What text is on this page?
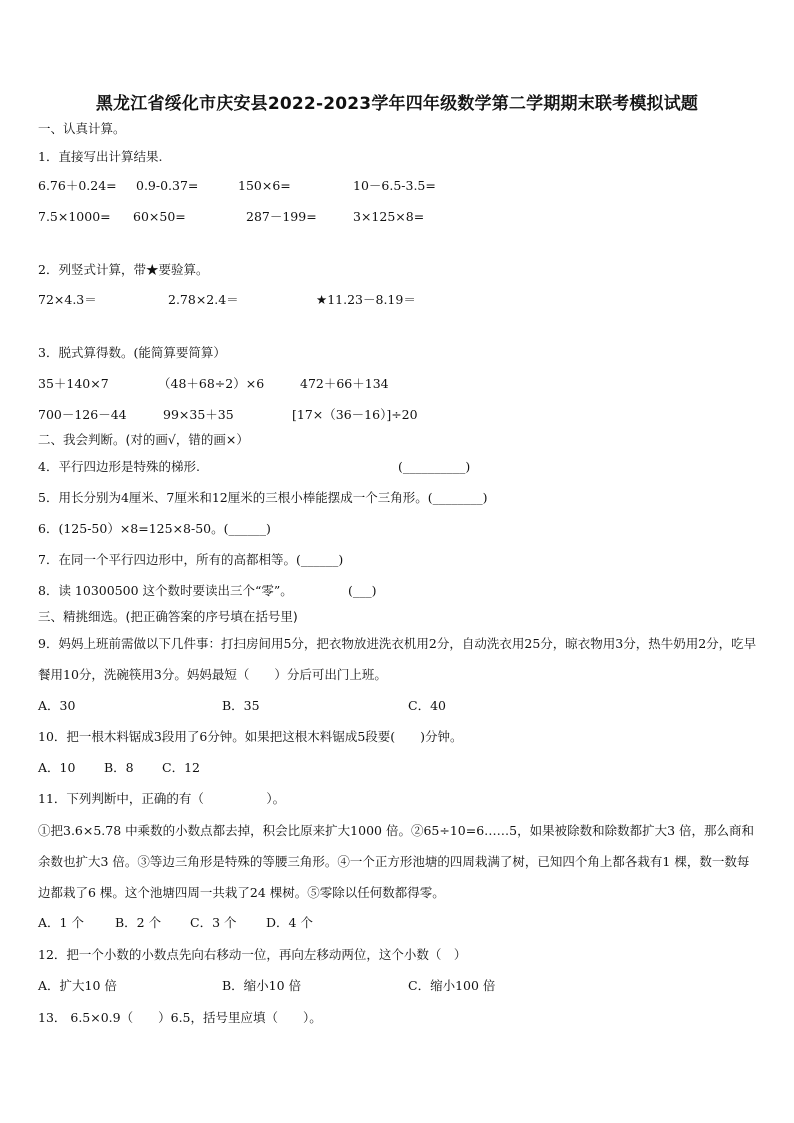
黑龙江省绥化市庆安县2022-2023学年四年级数学第二学期期末联考模拟试题
一、认真计算。
1．直接写出计算结果.
6.76＋0.24= 0.9-0.37=	150×6=	10－6.5-3.5=
7.5×1000= 60×50=	287－199=	3×125×8=
2．列竖式计算，带★要验算。
72×4.3＝	2.78×2.4＝	★11.23－8.19＝
3．脱式算得数。(能简算要简算）
35＋140×7	（48＋68÷2）×6	472＋66＋134
700－126－44	99×35＋35	[17×（36－16）]÷20
二、我会判断。(对的画√，错的画×）
4．平行四边形是特殊的梯形.	(__________)
5．用长分别为4厘米、7厘米和12厘米的三根小棒能摆成一个三角形。(________)
6．(125-50）×8=125×8-50。(______)
7．在同一个平行四边形中，所有的高都相等。(______)
8．读 10300500 这个数时要读出三个“零”。	(___)
三、精挑细选。(把正确答案的序号填在括号里)
9．妈妈上班前需做以下几件事：打扫房间用5分，把衣物放进洗衣机用2分，自动洗衣用25分，晾衣物用3分，热牛奶用2分，吃早餐用10分，洗碗筷用3分。妈妈最短（　　）分后可出门上班。
A．30	B．35	C．40
10．把一根木料锯成3段用了6分钟。如果把这根木料锯成5段要(　　)分钟。
A．10 B．8 C．12
11．下列判断中，正确的有（　　　　　）。
①把3.6×5.78 中乘数的小数点都去掉，积会比原来扩大1000 倍。②65÷10=6……5，如果被除数和除数都扩大3 倍，那么商和余数也扩大3 倍。③等边三角形是特殊的等腰三角形。④一个正方形池塘的四周栽满了树，已知四个角上都各栽有1 棵，数一数每边都栽了6 棵。这个池塘四周一共栽了24 棵树。⑤零除以任何数都得零。
A．1 个 B．2 个 C．3 个 D．4 个
12．把一个小数的小数点先向右移动一位，再向左移动两位，这个小数（　）
A．扩大10 倍	B．缩小10 倍	C．缩小100 倍
13． 6.5×0.9（　　）6.5，括号里应填（　　）。
